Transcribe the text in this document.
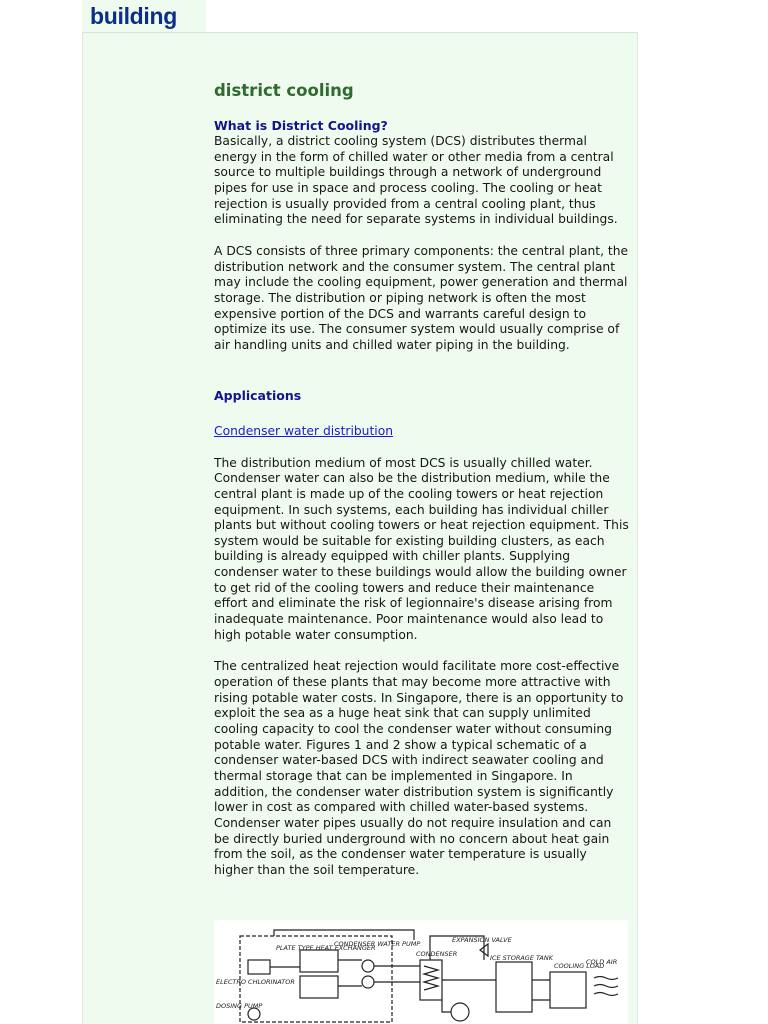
building
district cooling
What is District Cooling?

Basically, a district cooling system (DCS) distributes thermal energy in the form of chilled water or other media from a central source to multiple buildings through a network of underground pipes for use in space and process cooling. The cooling or heat rejection is usually provided from a central cooling plant, thus eliminating the need for separate systems in individual buildings.

A DCS consists of three primary components: the central plant, the distribution network and the consumer system. The central plant may include the cooling equipment, power generation and thermal storage. The distribution or piping network is often the most expensive portion of the DCS and warrants careful design to optimize its use. The consumer system would usually comprise of air handling units and chilled water piping in the building.

Applications
Condenser water distribution

The distribution medium of most DCS is usually chilled water. Condenser water can also be the distribution medium, while the central plant is made up of the cooling towers or heat rejection equipment. In such systems, each building has individual chiller plants but without cooling towers or heat rejection equipment. This system would be suitable for existing building clusters, as each building is already equipped with chiller plants. Supplying condenser water to these buildings would allow the building owner to get rid of the cooling towers and reduce their maintenance effort and eliminate the risk of legionnaire's disease arising from inadequate maintenance. Poor maintenance would also lead to high potable water consumption.

The centralized heat rejection would facilitate more cost-effective operation of these plants that may become more attractive with rising potable water costs. In Singapore, there is an opportunity to exploit the sea as a huge heat sink that can supply unlimited cooling capacity to cool the condenser water without consuming potable water. Figures 1 and 2 show a typical schematic of a condenser water-based DCS with indirect seawater cooling and thermal storage that can be implemented in Singapore. In addition, the condenser water distribution system is significantly lower in cost as compared with chilled water-based systems. Condenser water pipes usually do not require insulation and can be directly buried underground with no concern about heat gain from the soil, as the condenser water temperature is usually higher than the soil temperature.

CONDENSER WATER PUMP
PLATE TYPE HEAT EXCHANGER
ELECTRO CHLORINATOR
DOSING PUMP
EXPANSION VALVE
CONDENSER	ICE STORAGE TANK
COOLING LOAD
COLD AIR
